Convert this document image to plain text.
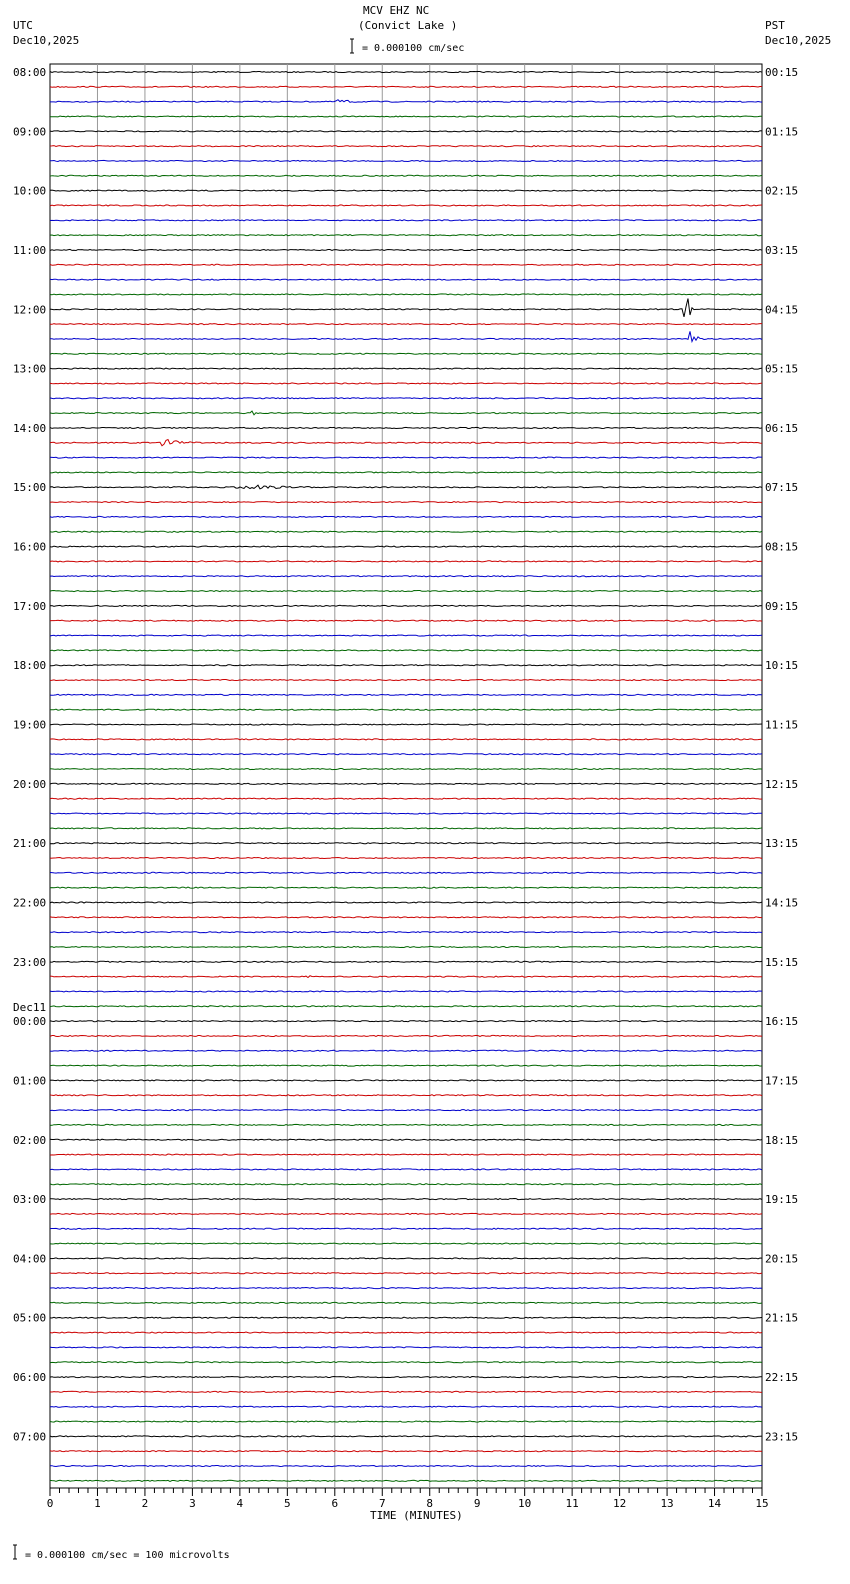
0	1	2	3	4	5	6	7	8	9	10	11	12	13	14	15
08:00
09:00
10:00
11:00
12:00
13:00
14:00
15:00
16:00
17:00
18:00
19:00
20:00
21:00
22:00
23:00
00:00
Dec11
01:00
02:00
03:00
04:00
05:00
06:00
07:00
00:15
01:15
02:15
03:15
04:15
05:15
06:15
07:15
08:15
09:15
10:15
11:15
12:15
13:15
14:15
15:15
16:15
17:15
18:15
19:15
20:15
21:15
22:15
23:15
MCV EHZ NC
(Convict Lake )
= 0.000100 cm/sec
UTC
Dec10,2025
PST
Dec10,2025
TIME (MINUTES)
= 0.000100 cm/sec = 100 microvolts
